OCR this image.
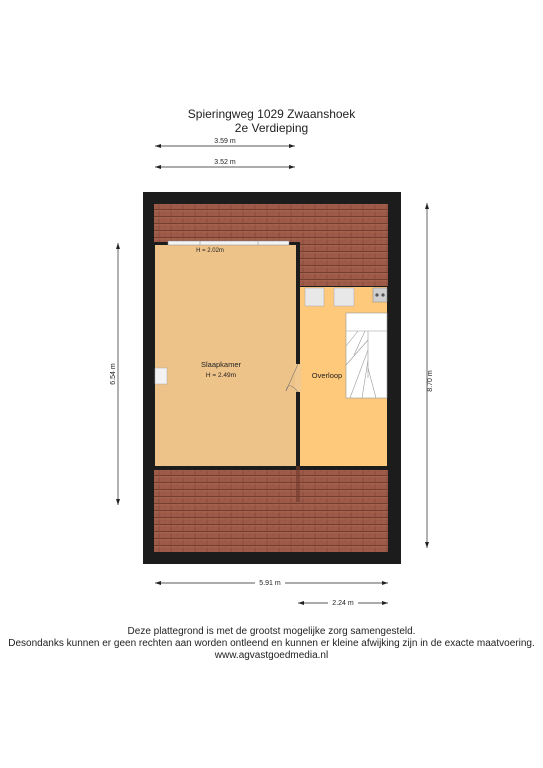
Spieringweg 1029 Zwaanshoek
2e Verdieping
3.59 m
3.52 m
6.54 m	8.70 m
Slaapkamer
H = 2.49m
H = 2.02m
Overloop
5.91 m
2.24 m
Deze plattegrond is met de grootst mogelijke zorg samengesteld.
Desondanks kunnen er geen rechten aan worden ontleend en kunnen er kleine afwijking zijn in de exacte maatvoering.
www.agvastgoedmedia.nl
